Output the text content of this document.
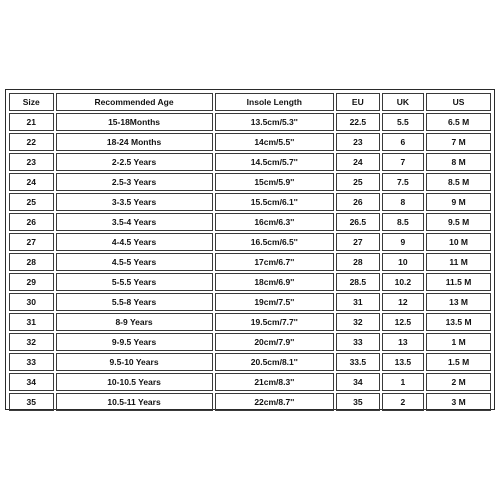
Size	Recommended Age	Insole Length	EU	UK	US
21	15-18Months	13.5cm/5.3''	22.5	5.5	6.5 M
22	18-24 Months	14cm/5.5''	23	6	7 M
23	2-2.5 Years	14.5cm/5.7''	24	7	8 M
24	2.5-3 Years	15cm/5.9''	25	7.5	8.5 M
25	3-3.5 Years	15.5cm/6.1''	26	8	9 M
26	3.5-4 Years	16cm/6.3''	26.5	8.5	9.5 M
27	4-4.5 Years	16.5cm/6.5''	27	9	10 M
28	4.5-5 Years	17cm/6.7''	28	10	11 M
29	5-5.5 Years	18cm/6.9''	28.5	10.2	11.5 M
30	5.5-8 Years	19cm/7.5''	31	12	13 M
31	8-9 Years	19.5cm/7.7''	32	12.5	13.5 M
32	9-9.5 Years	20cm/7.9''	33	13	1 M
33	9.5-10 Years	20.5cm/8.1''	33.5	13.5	1.5 M
34	10-10.5 Years	21cm/8.3''	34	1	2 M
35	10.5-11 Years	22cm/8.7''	35	2	3 M
